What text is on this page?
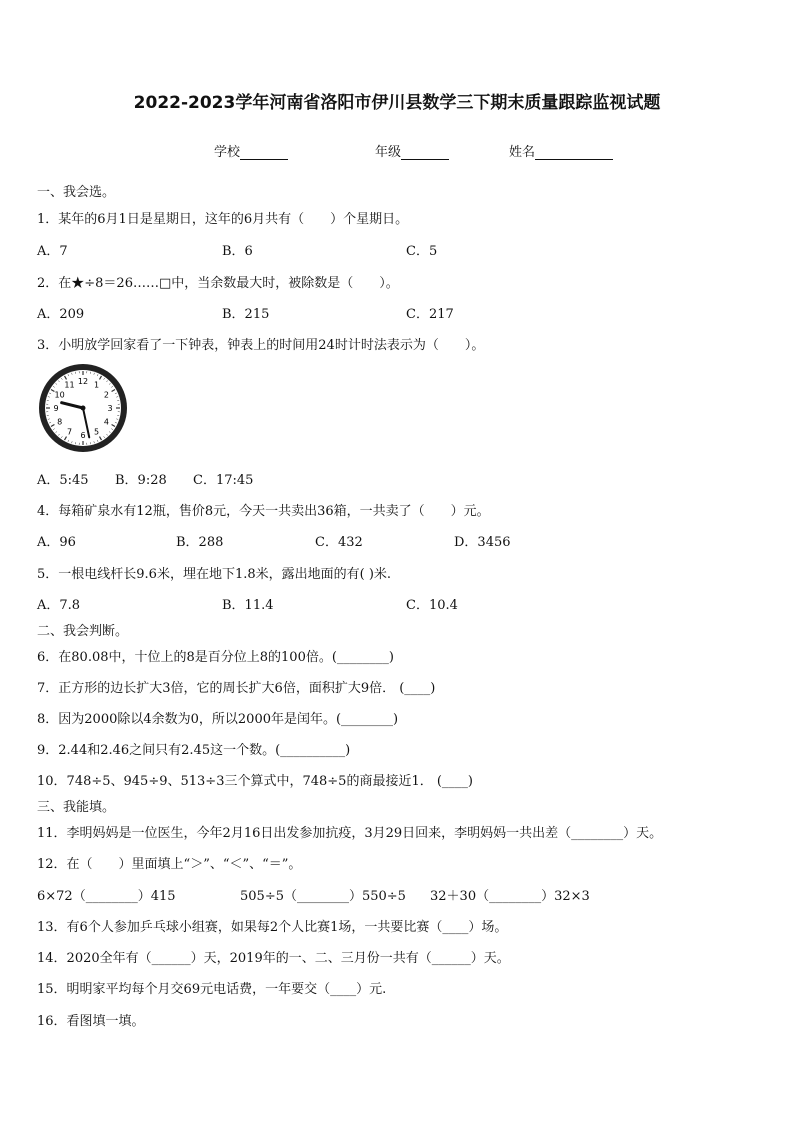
2022-2023学年河南省洛阳市伊川县数学三下期末质量跟踪监视试题
学校	年级	姓名
一、我会选。
1．某年的6月1日是星期日，这年的6月共有（　　）个星期日。
A．7	B．6	C．5
2．在★÷8＝26……□中，当余数最大时，被除数是（　　）。
A．209	B．215	C．217
3．小明放学回家看了一下钟表，钟表上的时间用24时计时法表示为（　　）。
12 1
2
3
4
5
6
7
8
9
10
11
A．5:45 B．9:28 C．17:45
4．每箱矿泉水有12瓶，售价8元，今天一共卖出36箱，一共卖了（　　）元。
A．96	B．288	C．432	D．3456
5．一根电线杆长9.6米，埋在地下1.8米，露出地面的有( )米.
A．7.8	B．11.4	C．10.4
二、我会判断。
6．在80.08中，十位上的8是百分位上8的100倍。(________)
7．正方形的边长扩大3倍，它的周长扩大6倍，面积扩大9倍． (____)
8．因为2000除以4余数为0，所以2000年是闰年。(________)
9．2.44和2.46之间只有2.45这一个数。(__________)
10．748÷5、945÷9、513÷3三个算式中，748÷5的商最接近1． (____)
三、我能填。
11．李明妈妈是一位医生，今年2月16日出发参加抗疫，3月29日回来，李明妈妈一共出差（________）天。
12．在（　　）里面填上“＞”、“＜”、“＝”。
6×72（________）415	505÷5（________）550÷5 32＋30（________）32×3
13．有6个人参加乒乓球小组赛，如果每2个人比赛1场，一共要比赛（____）场。
14．2020全年有（______）天，2019年的一、二、三月份一共有（______）天。
15．明明家平均每个月交69元电话费，一年要交（____）元.
16．看图填一填。
